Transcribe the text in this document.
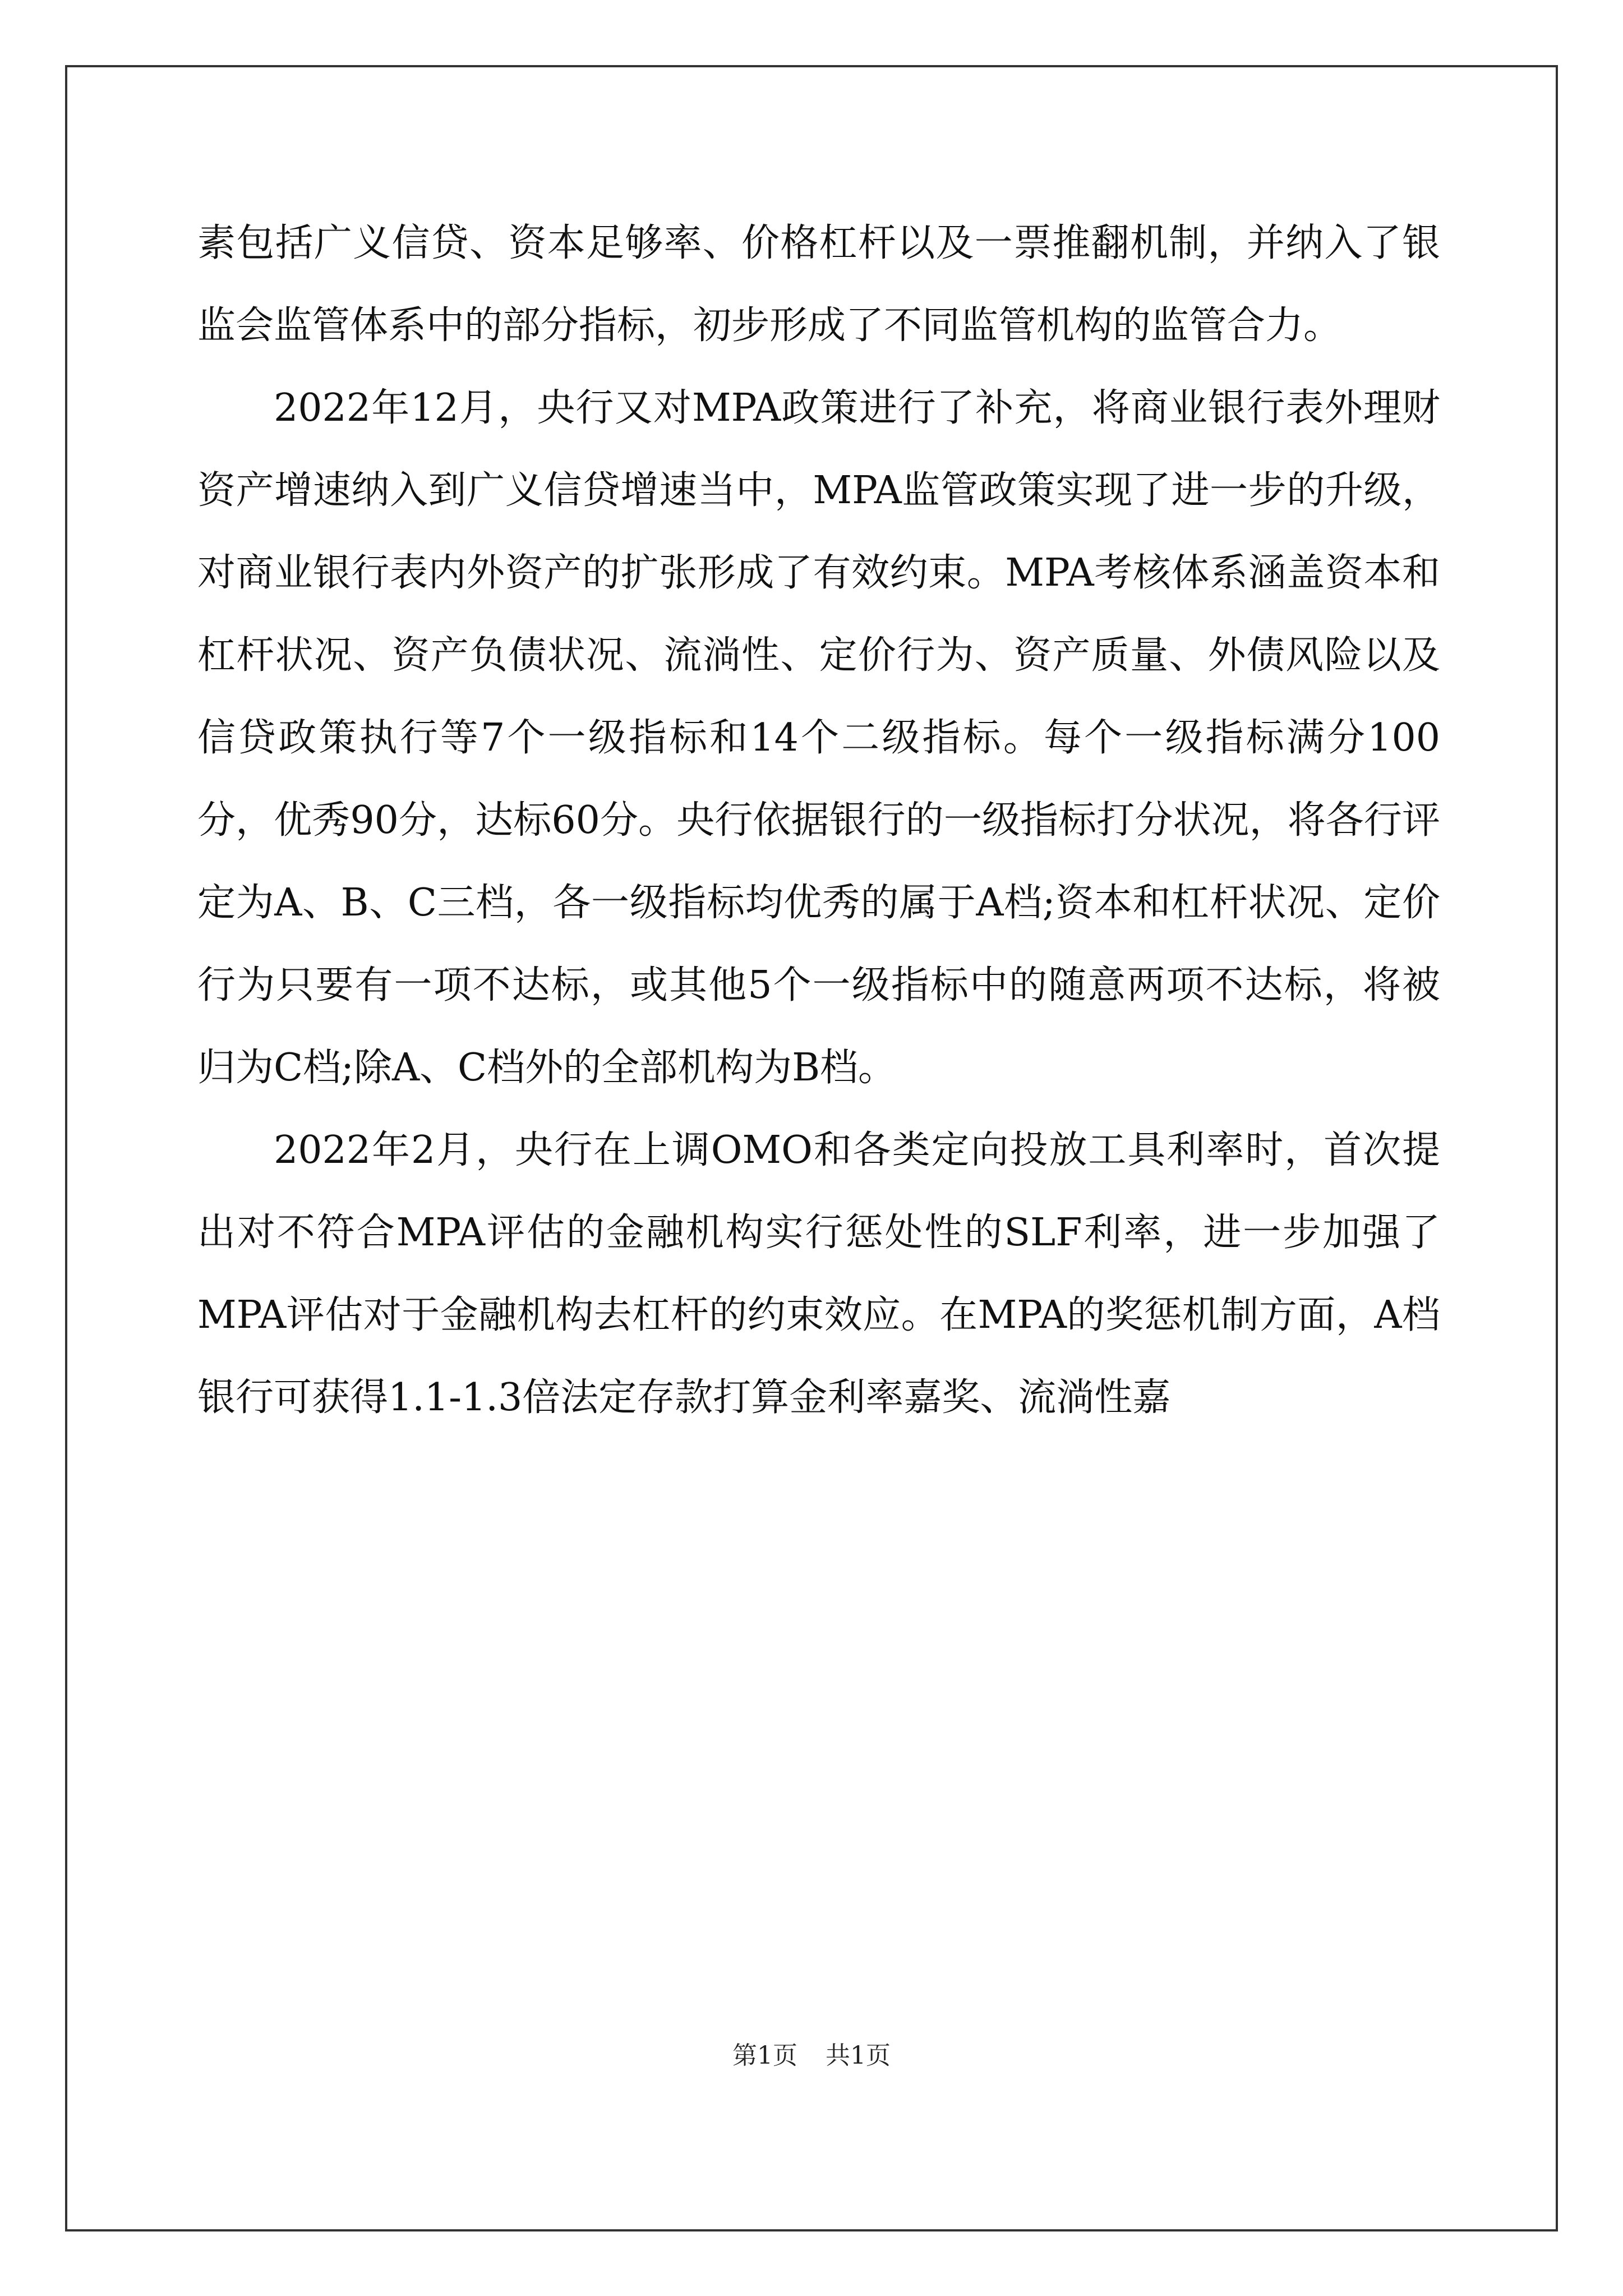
素包括广义信贷、资本足够率、价格杠杆以及一票推翻机制，并纳入了银监会监管体系中的部分指标，初步形成了不同监管机构的监管合力。

2022年12月，央行又对MPA政策进行了补充，将商业银行表外理财资产增速纳入到广义信贷增速当中，MPA监管政策实现了进一步的升级，对商业银行表内外资产的扩张形成了有效约束。MPA考核体系涵盖资本和杠杆状况、资产负债状况、流淌性、定价行为、资产质量、外债风险以及信贷政策执行等7个一级指标和14个二级指标。每个一级指标满分100分，优秀90分，达标60分。央行依据银行的一级指标打分状况，将各行评定为A、B、C三档，各一级指标均优秀的属于A档;资本和杠杆状况、定价行为只要有一项不达标，或其他5个一级指标中的随意两项不达标，将被归为C档;除A、C档外的全部机构为B档。

2022年2月，央行在上调OMO和各类定向投放工具利率时，首次提出对不符合MPA评估的金融机构实行惩处性的SLF利率，进一步加强了MPA评估对于金融机构去杠杆的约束效应。在MPA的奖惩机制方面，A档银行可获得1.1-1.3倍法定存款打算金利率嘉奖、流淌性嘉

第1页 共1页
